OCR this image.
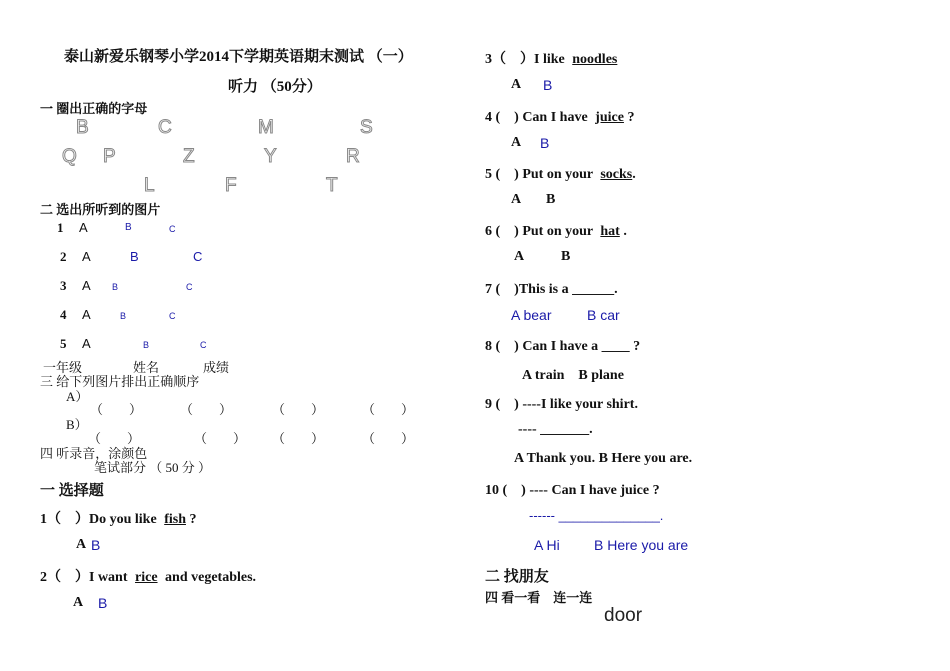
泰山新爱乐钢琴小学2014下学期英语期末测试 （一）
听力 （50分）
一 圈出正确的字母
B	C	M	S
Q P	Z	Y	R
L	F	T
二 选出所听到的图片
1 A	B	C
2 A	B	C
3 A B	C
4 A	B	C
5 A	B	C
一年级	姓名	成绩
三 给下列图片排出正确顺序
A）
（　　）	（　　）	（　　）	（　　）
B）
（　　）	（　　） （　　）	（　　）
四 听录音，涂颜色
笔试部分 （ 50 分 ）
一 选择题
1（　）Do you like fish ?
A B
2（　）I want rice and vegetables.
A B
3（　）I like noodles
A B
4 (　) Can I have juice ?
A B
5 (　) Put on your socks.
A B
6 (　) Put on your hat .
A	B
7 (　)This is a ______.
A bear	B car
8 (　) Can I have a ____ ?
A train　B plane
9 (　) ----I like your shirt.
---- _______.
A Thank you. B Here you are.
10 (　) ---- Can I have juice ?
------ ______________.
A Hi B Here you are
二 找朋友
四 看一看　连一连
door
